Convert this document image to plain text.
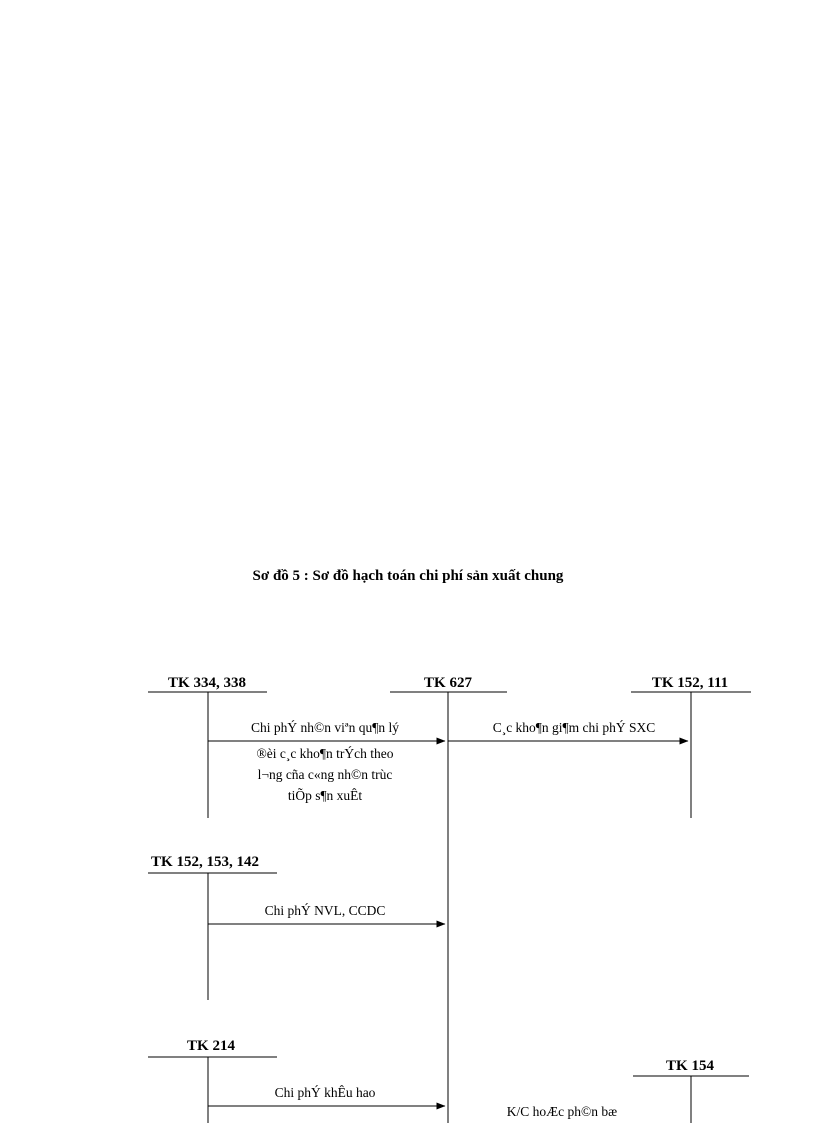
Sơ đồ 5 : Sơ đồ hạch toán chi phí sản xuất chung
TK 334, 338	TK 627	TK 152, 111
TK 152, 153, 142
TK 214
TK 154
Chi phÝ nh©n viªn qu¶n lý
®èi c¸c kho¶n trÝch theo
l¬ng cña c«ng nh©n trùc
tiÕp s¶n xuÊt
C¸c kho¶n gi¶m chi phÝ SXC
Chi phÝ NVL, CCDC
Chi phÝ khÊu hao
K/C hoÆc ph©n bæ
